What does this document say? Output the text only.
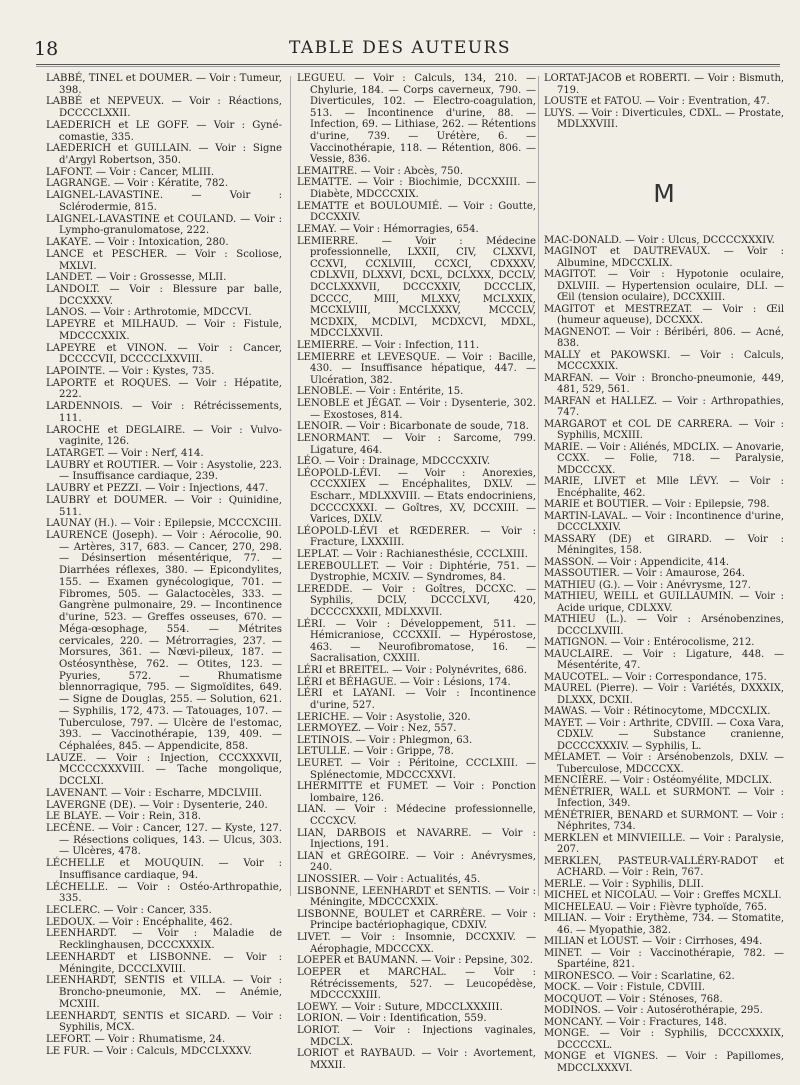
18	TABLE DES AUTEURS

LABBÉ, TINEL et DOUMER. — Voir : Tumeur, 398.

LABBÉ et NEPVEUX. — Voir : Réactions, DCCCCLXXII.

LAEDERICH et LE GOFF. — Voir : Gyné-comastie, 335.

LAEDERICH et GUILLAIN. — Voir : Signe d'Argyl Robertson, 350.

LAFONT. — Voir : Cancer, MLIII.

LAGRANGE. — Voir : Kératite, 782.

LAIGNEL-LAVASTINE. — Voir : Sclérodermie, 815.

LAIGNEL-LAVASTINE et COULAND. — Voir : Lympho-granulomatose, 222.

LAKAYE. — Voir : Intoxication, 280.

LANCE et PESCHER. — Voir : Scoliose, MXLVI.

LANDET. — Voir : Grossesse, MLII.

LANDOLT. — Voir : Blessure par balle, DCCXXXV.

LANOS. — Voir : Arthrotomie, MDCCVI.

LAPEYRE et MILHAUD. — Voir : Fistule, MDCCCXXIX.

LAPEYRE et VINON. — Voir : Cancer, DCCCCVII, DCCCCLXXVIII.

LAPOINTE. — Voir : Kystes, 735.

LAPORTE et ROQUES. — Voir : Hépatite, 222.

LARDENNOIS. — Voir : Rétrécissements, 111.

LAROCHE et DEGLAIRE. — Voir : Vulvo-vaginite, 126.

LATARGET. — Voir : Nerf, 414.

LAUBRY et ROUTIER. — Voir : Asystolie, 223. — Insuffisance cardiaque, 239.

LAUBRY et PEZZI. — Voir : Injections, 447.

LAUBRY et DOUMER. — Voir : Quinidine, 511.

LAUNAY (H.). — Voir : Epilepsie, MCCCXCIII.

LAURENCE (Joseph). — Voir : Aérocolie, 90. — Artères, 317, 683. — Cancer, 270, 298. — Désinsertion mésentérique, 77. — Diarrhées réflexes, 380. — Epicondylites, 155. — Examen gynécologique, 701. — Fibromes, 505. — Galactocèles, 333. — Gangrène pulmonaire, 29. — Incontinence d'urine, 523. — Greffes osseuses, 670. — Méga-œsophage, 554. — Métrites cervicales, 220. — Métrorragies, 237. — Morsures, 361. — Nœvi-pileux, 187. — Ostéosynthèse, 762. — Otites, 123. — Pyuries, 572. — Rhumatisme blennorragique, 795. — Sigmoïdites, 649. — Signe de Douglas, 255. — Solution, 621. — Syphilis, 172, 473. — Tatouages, 107. — Tuberculose, 797. — Ulcère de l'estomac, 393. — Vaccinothérapie, 139, 409. — Céphalées, 845. — Appendicite, 858.

LAUZE. — Voir : Injection, CCCXXXVII, MCCCCXXXVIII. — Tache mongolique, DCCLXI.

LAVENANT. — Voir : Escharre, MDCLVIII.

LAVERGNE (DE). — Voir : Dysenterie, 240.

LE BLAYE. — Voir : Rein, 318.

LECÈNE. — Voir : Cancer, 127. — Kyste, 127. — Résections coliques, 143. — Ulcus, 303. — Ulcères, 478.

LÉCHELLE et MOUQUIN. — Voir : Insuffisance cardiaque, 94.

LÉCHELLE. — Voir : Ostéo-Arthropathie, 335.

LECLERC. — Voir : Cancer, 335.

LEDOUX. — Voir : Encéphalite, 462.

LEENHARDT. — Voir : Maladie de Recklinghausen, DCCCXXXIX.

LEENHARDT et LISBONNE. — Voir : Méningite, DCCCLXVIII.

LEENHARDT, SENTIS et VILLA. — Voir : Broncho-pneumonie, MX. — Anémie, MCXIII.

LEENHARDT, SENTIS et SICARD. — Voir : Syphilis, MCX.

LEFORT. — Voir : Rhumatisme, 24.

LE FUR. — Voir : Calculs, MDCCLXXXV.

LEGUEU. — Voir : Calculs, 134, 210. — Chylurie, 184. — Corps caverneux, 790. — Diverticules, 102. — Electro-coagulation, 513. — Incontinence d'urine, 88. — Infection, 69. — Lithiase, 262. — Rétentions d'urine, 739. — Urétère, 6. — Vaccinothérapie, 118. — Rétention, 806. — Vessie, 836.

LEMAITRE. — Voir : Abcès, 750.

LEMATTE. — Voir : Biochimie, DCCXXIII. — Diabète, MDCCCXIX.

LEMATTE et BOULOUMIÉ. — Voir : Goutte, DCCXXIV.

LEMAY. — Voir : Hémorragies, 654.

LEMIERRE. — Voir : Médecine professionnelle, LXXII, CIV, CLXXVI, CCXVI, CCXLVIII, CCXCI, CDXXXV, CDLXVII, DLXXVI, DCXL, DCLXXX, DCCLV, DCCLXXXVII, DCCCXXIV, DCCCLIX, DCCCC, MIII, MLXXV, MCLXXIX, MCCXLVIII, MCCLXXXV, MCCCLV, MCDXIX, MCDLVI, MCDXCVI, MDXL, MDCCLXXVII.

LEMIERRE. — Voir : Infection, 111.

LEMIERRE et LEVESQUE. — Voir : Bacille, 430. — Insuffisance hépatique, 447. — Ulcération, 382.

LENOBLE. — Voir : Entérite, 15.

LENOBLE et JÉGAT. — Voir : Dysenterie, 302. — Exostoses, 814.

LENOIR. — Voir : Bicarbonate de soude, 718.

LENORMANT. — Voir : Sarcome, 799. Ligature, 464.

LÉO. — Voir : Drainage, MDCCCXXIV.

LÉOPOLD-LÉVI. — Voir : Anorexies, CCCXXIEX — Encéphalites, DXLV. — Escharr., MDLXXVIII. — Etats endocriniens, DCCCCXXXI. — Goîtres, XV, DCCXIII. — Varices, DXLV.

LÉOPOLD-LÉVI et RŒDERER. — Voir : Fracture, LXXXIII.

LEPLAT. — Voir : Rachianesthésie, CCCLXIII.

LEREBOULLET. — Voir : Diphtérie, 751. — Dystrophie, MCXIV. — Syndromes, 84.

LEREDDE. — Voir : Goîtres, DCCXC. — Syphilis, DCLV, DCCCLXVI, 420, DCCCCXXXII, MDLXXVII.

LÉRI. — Voir : Développement, 511. — Hémicraniose, CCCXXII. — Hypérostose, 463. — Neurofibromatose, 16. — Sacralisation, CXXIII.

LÉRI et BREITEL. — Voir : Polynévrites, 686.

LÉRI et BÉHAGUE. — Voir : Lésions, 174.

LÉRI et LAYANI. — Voir : Incontinence d'urine, 527.

LERICHE. — Voir : Asystolie, 320.

LERMOYEZ. — Voir : Nez, 557.

LETINOIS. — Voir : Phlegmon, 63.

LETULLE. — Voir : Grippe, 78.

LEURET. — Voir : Péritoine, CCCLXIII. — Splénectomie, MDCCCXXVI.

LHERMITTE et FUMET. — Voir : Ponction lombaire, 126.

LIAN. — Voir : Médecine professionnelle, CCCXCV.

LIAN, DARBOIS et NAVARRE. — Voir : Injections, 191.

LIAN et GRÉGOIRE. — Voir : Anévrysmes, 240.

LINOSSIER. — Voir : Actualités, 45.

LISBONNE, LEENHARDT et SENTIS. — Voir : Méningite, MDCCCXXIX.

LISBONNE, BOULET et CARRÈRE. — Voir : Principe bactériophagique, CDXIV.

LIVET. — Voir : Insomnie, DCCXXIV. — Aérophagie, MDCCCXX.

LOEPER et BAUMANN. — Voir : Pepsine, 302.

LOEPER et MARCHAL. — Voir : Rétrécissements, 527. — Leucopédèse, MDCCCXXIII.

LOEWY. — Voir : Suture, MDCCLXXXIII.

LORION. — Voir : Identification, 559.

LORIOT. — Voir : Injections vaginales, MDCLX.

LORIOT et RAYBAUD. — Voir : Avortement, MXXII.

LORTAT-JACOB et ROBERTI. — Voir : Bismuth, 719.

LOUSTE et FATOU. — Voir : Eventration, 47.

LUYS. — Voir : Diverticules, CDXL. — Prostate, MDLXXVIII.

M

MAC-DONALD. — Voir : Ulcus, DCCCCXXXIV.

MAGINOT et DAUTREVAUX. — Voir : Albumine, MDCCXLIX.

MAGITOT. — Voir : Hypotonie oculaire, DXLVIII. — Hypertension oculaire, DLI. — Œil (tension oculaire), DCCXXIII.

MAGITOT et MESTREZAT. — Voir : Œil (humeur aqueuse), DCCXXX.

MAGNENOT. — Voir : Béribéri, 806. — Acné, 838.

MALLY et PAKOWSKI. — Voir : Calculs, MCCCXXIX.

MARFAN. — Voir : Broncho-pneumonie, 449, 481, 529, 561.

MARFAN et HALLEZ. — Voir : Arthropathies, 747.

MARGAROT et COL DE CARRERA. — Voir : Syphilis, MCXIII.

MARIE. — Voir : Aliénés, MDCLIX. — Anovarie, CCXX. — Folie, 718. — Paralysie, MDCCCXX.

MARIE, LIVET et Mlle LÉVY. — Voir : Encéphalite, 462.

MARIE et BOUTIER. — Voir : Epilepsie, 798.

MARTIN-LAVAL. — Voir : Incontinence d'urine, DCCCLXXIV.

MASSARY (DE) et GIRARD. — Voir : Méningites, 158.

MASSON. — Voir : Appendicite, 414.

MASSOUTIER. — Voir : Amaurose, 264.

MATHIEU (G.). — Voir : Anévrysme, 127.

MATHIEU, WEILL et GUILLAUMIN. — Voir : Acide urique, CDLXXV.

MATHIEU (L.). — Voir : Arsénobenzines, DCCCLXVIII.

MATIGNON. — Voir : Entérocolisme, 212.

MAUCLAIRE. — Voir : Ligature, 448. — Mésentérite, 47.

MAUCOTEL. — Voir : Correspondance, 175.

MAUREL (Pierre). — Voir : Variétés, DXXXIX, DLXXX, DCXII.

MAWAS. — Voir : Rétinocytome, MDCCXLIX.

MAYET. — Voir : Arthrite, CDVIII. — Coxa Vara, CDXLV. — Substance cranienne, DCCCCXXXIV. — Syphilis, L.

MÉLAMET. — Voir : Arsénobenzols, DXLV. — Tuberculose, MDCCCXX.

MENCIÈRE. — Voir : Ostéomyélite, MDCLIX.

MÉNÉTRIER, WALL et SURMONT. — Voir : Infection, 349.

MÉNÉTRIER, BENARD et SURMONT. — Voir : Néphrites, 734.

MERKLEN et MINVIEILLE. — Voir : Paralysie, 207.

MERKLEN, PASTEUR-VALLÉRY-RADOT et ACHARD. — Voir : Rein, 767.

MERLE. — Voir : Syphilis, DLII.

MICHEL et NICOLAU. — Voir : Greffes MCXLI.

MICHELEAU. — Voir : Fièvre typhoïde, 765.

MILIAN. — Voir : Erythème, 734. — Stomatite, 46. — Myopathie, 382.

MILIAN et LOUST. — Voir : Cirrhoses, 494.

MINET. — Voir : Vaccinothérapie, 782. — Spartéine, 821.

MIRONESCO. — Voir : Scarlatine, 62.

MOCK. — Voir : Fistule, CDVIII.

MOCQUOT. — Voir : Sténoses, 768.

MODINOS. — Voir : Autosérothérapie, 295.

MONCANY. — Voir : Fractures, 148.

MONGE. — Voir : Syphilis, DCCCXXXIX, DCCCCXL.

MONGE et VIGNES. — Voir : Papillomes, MDCCLXXXVI.
